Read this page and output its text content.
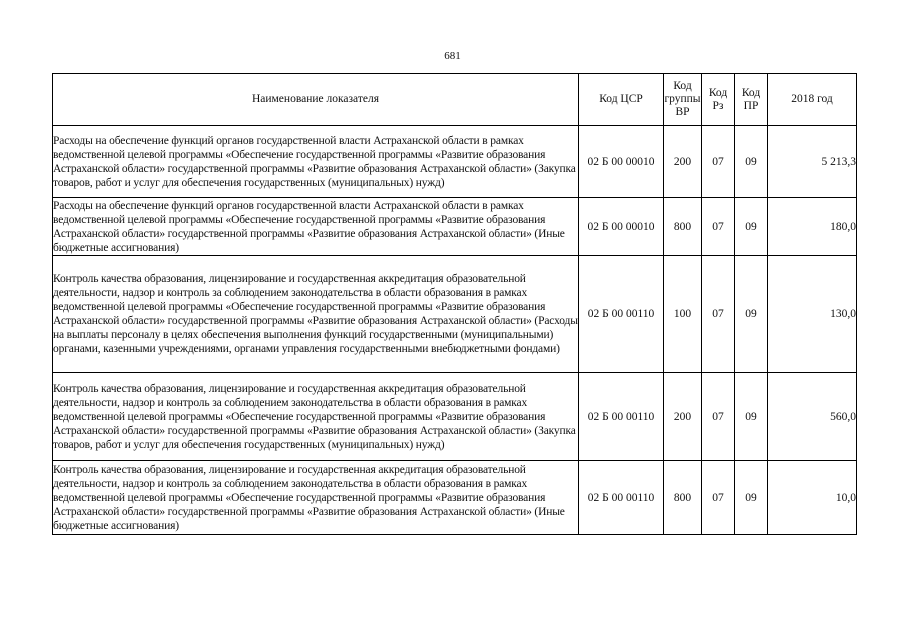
681
Наименование локазателя	Код ЦСР	Код группы ВР	Код Рз	Код ПР	2018 год
Расходы на обеспечение функций органов государственной власти Астраханской области в рамках ведомственной целевой программы «Обеспечение государственной программы «Развитие образования Астраханской области» государственной программы «Развитие образования Астраханской области» (Закупка товаров, работ и услуг для обеспечения государственных (муниципальных) нужд)	02 Б 00 00010	200	07	09	5 213,3
Расходы на обеспечение функций органов государственной власти Астраханской области в рамках ведомственной целевой программы «Обеспечение государственной программы «Развитие образования Астраханской области» государственной программы «Развитие образования Астраханской области» (Иные бюджетные ассигнования)	02 Б 00 00010	800	07	09	180,0
Контроль качества образования, лицензирование и государственная аккредитация образовательной деятельности, надзор и контроль за соблюдением законодательства в области образования в рамках ведомственной целевой программы «Обеспечение государственной программы «Развитие образования Астраханской области» государственной программы «Развитие образования Астраханской области» (Расходы на выплаты персоналу в целях обеспечения выполнения функций государственными (муниципальными) органами, казенными учреждениями, органами управления государственными внебюджетными фондами)	02 Б 00 00110	100	07	09	130,0
Контроль качества образования, лицензирование и государственная аккредитация образовательной деятельности, надзор и контроль за соблюдением законодательства в области образования в рамках ведомственной целевой программы «Обеспечение государственной программы «Развитие образования Астраханской области» государственной программы «Развитие образования Астраханской области» (Закупка товаров, работ и услуг для обеспечения государственных (муниципальных) нужд)	02 Б 00 00110	200	07	09	560,0
Контроль качества образования, лицензирование и государственная аккредитация образовательной деятельности, надзор и контроль за соблюдением законодательства в области образования в рамках ведомственной целевой программы «Обеспечение государственной программы «Развитие образования Астраханской области» государственной программы «Развитие образования Астраханской области» (Иные бюджетные ассигнования)	02 Б 00 00110	800	07	09	10,0
